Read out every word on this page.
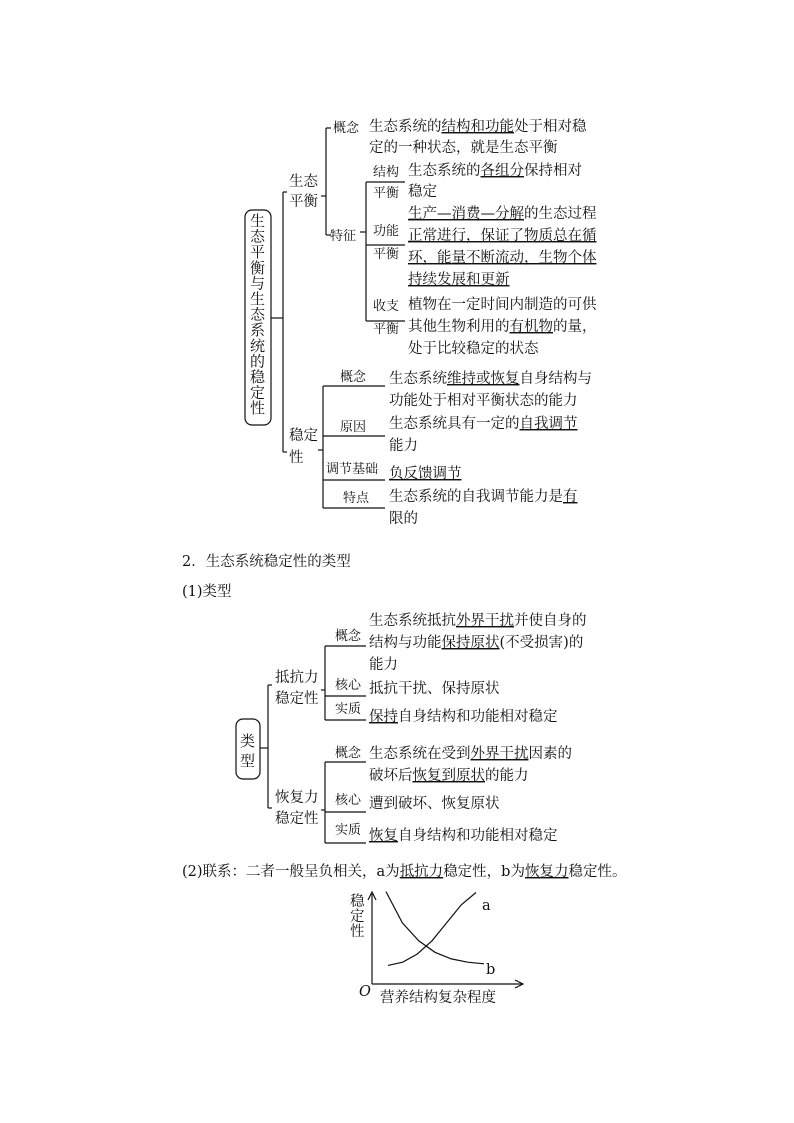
生
态
平
衡
与
生
态
系
统
的
稳
定
性
生态
平衡
概念 生态系统的结构和功能处于相对稳
定的一种状态，就是生态平衡
特征
结构
平衡
生态系统的各组分保持相对
稳定
功能
平衡
生产—消费—分解的生态过程
正常进行，保证了物质总在循
环，能量不断流动，生物个体
持续发展和更新
收支
平衡
植物在一定时间内制造的可供
其他生物利用的有机物的量，
处于比较稳定的状态
稳定
性
概念 生态系统维持或恢复自身结构与
功能处于相对平衡状态的能力
原因 生态系统具有一定的自我调节
能力
调节基础 负反馈调节
特点 生态系统的自我调节能力是有
限的
2．生态系统稳定性的类型
(1)类型
类
型
抵抗力
稳定性
概念
生态系统抵抗外界干扰并使自身的
结构与功能保持原状(不受损害)的
能力
核心 抵抗干扰、保持原状
实质 保持自身结构和功能相对稳定
恢复力
稳定性
概念 生态系统在受到外界干扰因素的
破坏后恢复到原状的能力
核心 遭到破坏、恢复原状
实质 恢复自身结构和功能相对稳定
(2)联系：二者一般呈负相关，a为抵抗力稳定性，b为恢复力稳定性。
稳
定
性
O 营养结构复杂程度
a
b
